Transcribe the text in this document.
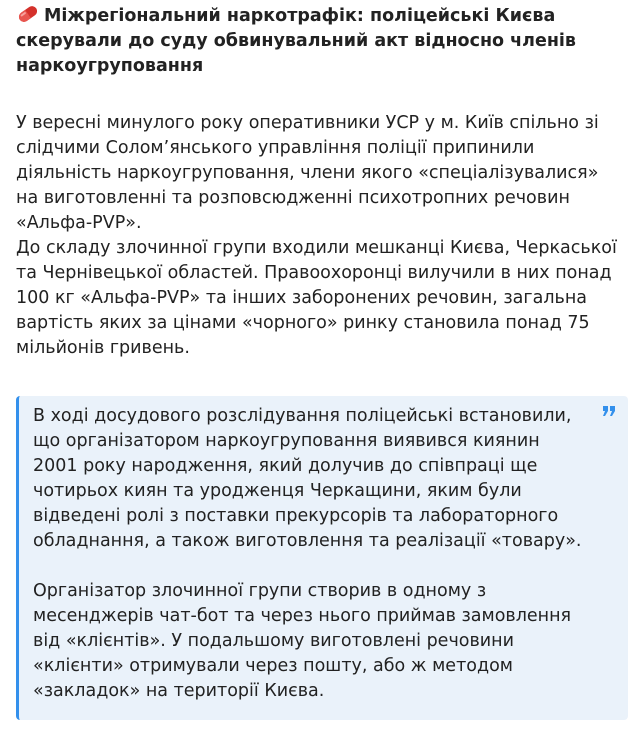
Міжрегіональний наркотрафік: поліцейські Києва скерували до суду обвинувальний акт відносно членів наркоугруповання

У вересні минулого року оперативники УСР у м. Київ спільно зі слідчими Солом’янського управління поліції припинили діяльність наркоугруповання, члени якого «спеціалізувалися» на виготовленні та розповсюдженні психотропних речовин «Альфа-PVP».

До складу злочинної групи входили мешканці Києва, Черкаської та Чернівецької областей. Правоохоронці вилучили в них понад 100 кг «Альфа-PVP» та інших заборонених речовин, загальна вартість яких за цінами «чорного» ринку становила понад 75 мільйонів гривень.

В ході досудового розслідування поліцейські встановили, що організатором наркоугруповання виявився киянин 2001 року народження, який долучив до співпраці ще чотирьох киян та уродженця Черкащини, яким були відведені ролі з поставки прекурсорів та лабораторного обладнання, а також виготовлення та реалізації «товару».

Організатор злочинної групи створив в одному з месенджерів чат-бот та через нього приймав замовлення від «клієнтів». У подальшому виготовлені речовини «клієнти» отримували через пошту, або ж методом «закладок» на території Києва.
